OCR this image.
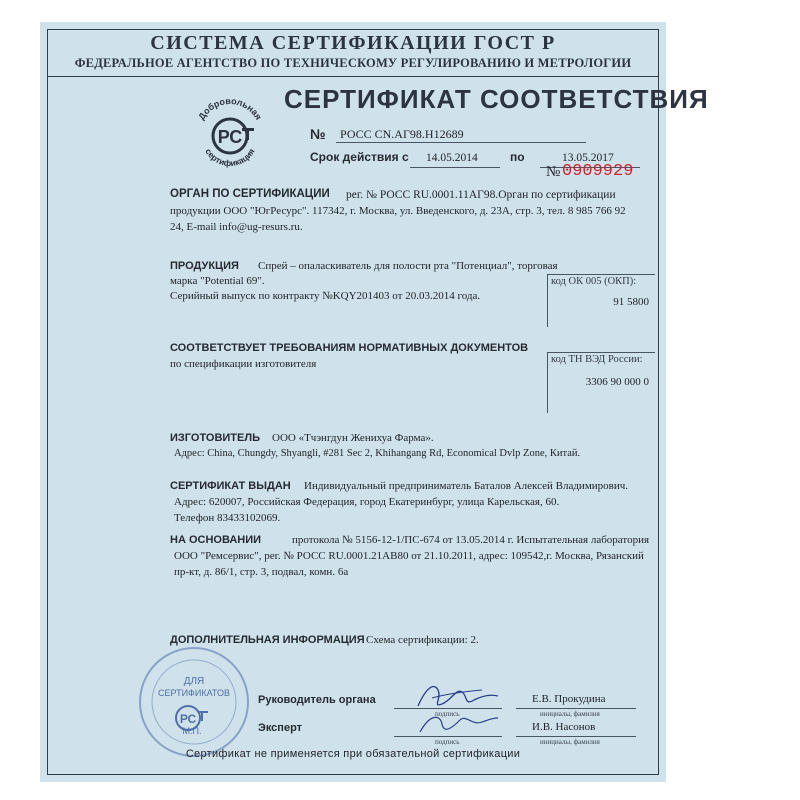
СИСТЕМА СЕРТИФИКАЦИИ ГОСТ Р
ФЕДЕРАЛЬНОЕ АГЕНТСТВО ПО ТЕХНИЧЕСКОМУ РЕГУЛИРОВАНИЮ И МЕТРОЛОГИИ
Добровольная
РС
сертификация
СЕРТИФИКАТ СООТВЕТСТВИЯ
№ РОСС CN.АГ98.Н12689
Срок действия с 14.05.2014	по	13.05.2017
№ 0909929
ОРГАН ПО СЕРТИФИКАЦИИ рег. № РОСС RU.0001.11АГ98.Орган по сертификации
продукции ООО "ЮгРесурс". 117342, г. Москва, ул. Введенского, д. 23А, стр. 3, тел. 8 985 766 92
24, E-mail info@ug-resurs.ru.
ПРОДУКЦИЯ Спрей – опаласкиватель для полости рта "Потенциал", торговая
марка "Potential 69".
Серийный выпуск по контракту №KQY201403 от 20.03.2014 года.
код ОК 005 (ОКП):
91 5800
СООТВЕТСТВУЕТ ТРЕБОВАНИЯМ НОРМАТИВНЫХ ДОКУМЕНТОВ
по спецификации изготовителя	код ТН ВЭД России:
3306 90 000 0
ИЗГОТОВИТЕЛЬ ООО «Тчэнгдун Женихуа Фарма».
Адрес: China, Chungdy, Shyangli, #281 Sec 2, Khihangang Rd, Economical Dvlp Zone, Китай.
СЕРТИФИКАТ ВЫДАН Индивидуальный предприниматель Баталов Алексей Владимирович.
Адрес: 620007, Российская Федерация, город Екатеринбург, улица Карельская, 60.
Телефон 83433102069.
НА ОСНОВАНИИ	протокола № 5156-12-1/ПС-674 от 13.05.2014 г. Испытательная лаборатория
ООО "Ремсервис", рег. № РОСС RU.0001.21АВ80 от 21.10.2011, адрес: 109542,г. Москва, Рязанский
пр-кт, д. 86/1, стр. 3, подвал, комн. 6а
ДОПОЛНИТЕЛЬНАЯ ИНФОРМАЦИЯ Схема сертификации: 2.
ДЛЯ
СЕРТИФИКАТОВ
РС
М.П.
Руководитель органа
подпись
Е.В. Прокудина
инициалы, фамилия
Эксперт
подпись
И.В. Насонов
инициалы, фамилия
Сертификат не применяется при обязательной сертификации
